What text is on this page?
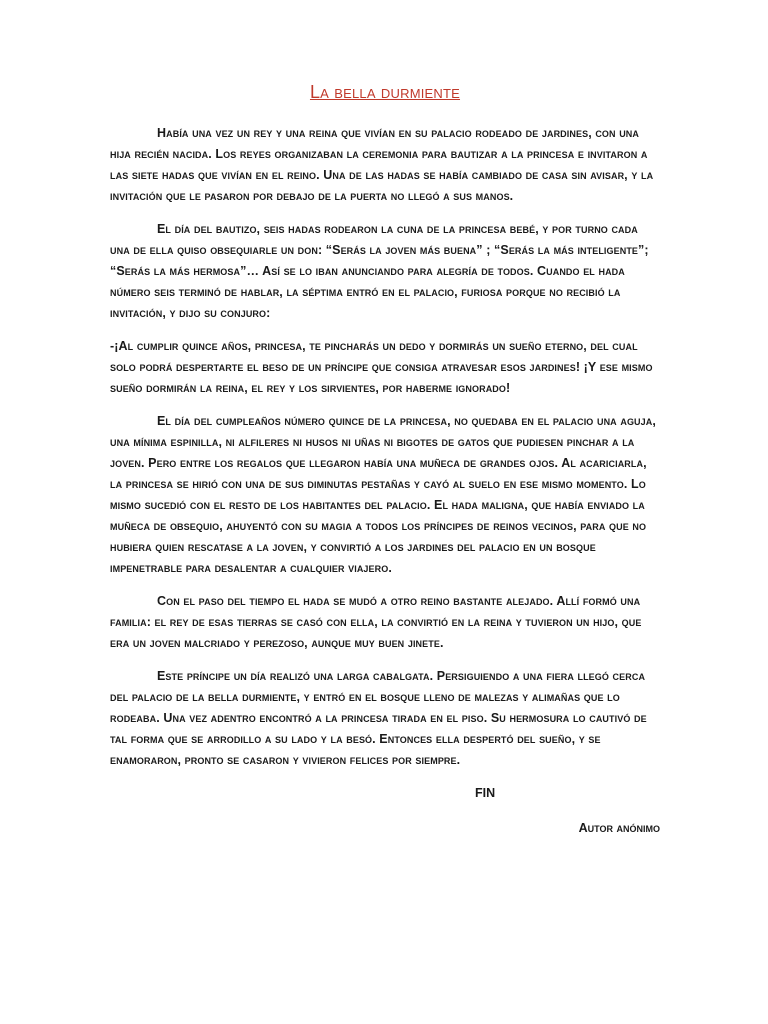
La bella durmiente

Había una vez un rey y una reina que vivían en su palacio rodeado de jardines, con una hija recién nacida. Los reyes organizaban la ceremonia para bautizar a la princesa e invitaron a las siete hadas que vivían en el reino. Una de las hadas se había cambiado de casa sin avisar, y la invitación que le pasaron por debajo de la puerta no llegó a sus manos.

El día del bautizo, seis hadas rodearon la cuna de la princesa bebé, y por turno cada una de ella quiso obsequiarle un don: “Serás la joven más buena” ; “Serás la más inteligente”; “Serás la más hermosa”… Así se lo iban anunciando para alegría de todos. Cuando el hada número seis terminó de hablar, la séptima entró en el palacio, furiosa porque no recibió la invitación, y dijo su conjuro:

-¡Al cumplir quince años, princesa, te pincharás un dedo y dormirás un sueño eterno, del cual solo podrá despertarte el beso de un príncipe que consiga atravesar esos jardines! ¡Y ese mismo sueño dormirán la reina, el rey y los sirvientes, por haberme ignorado!

El día del cumpleaños número quince de la princesa, no quedaba en el palacio una aguja, una mínima espinilla, ni alfileres ni husos ni uñas ni bigotes de gatos que pudiesen pinchar a la joven. Pero entre los regalos que llegaron había una muñeca de grandes ojos. Al acariciarla, la princesa se hirió con una de sus diminutas pestañas y cayó al suelo en ese mismo momento. Lo mismo sucedió con el resto de los habitantes del palacio. El hada maligna, que había enviado la muñeca de obsequio, ahuyentó con su magia a todos los príncipes de reinos vecinos, para que no hubiera quien rescatase a la joven, y convirtió a los jardines del palacio en un bosque impenetrable para desalentar a cualquier viajero.

Con el paso del tiempo el hada se mudó a otro reino bastante alejado. Allí formó una familia: el rey de esas tierras se casó con ella, la convirtió en la reina y tuvieron un hijo, que era un joven malcriado y perezoso, aunque muy buen jinete.

Este príncipe un día realizó una larga cabalgata. Persiguiendo a una fiera llegó cerca del palacio de la bella durmiente, y entró en el bosque lleno de malezas y alimañas que lo rodeaba. Una vez adentro encontró a la princesa tirada en el piso. Su hermosura lo cautivó de tal forma que se arrodillo a su lado y la besó. Entonces ella despertó del sueño, y se enamoraron, pronto se casaron y vivieron felices por siempre.

FIN
Autor anónimo
